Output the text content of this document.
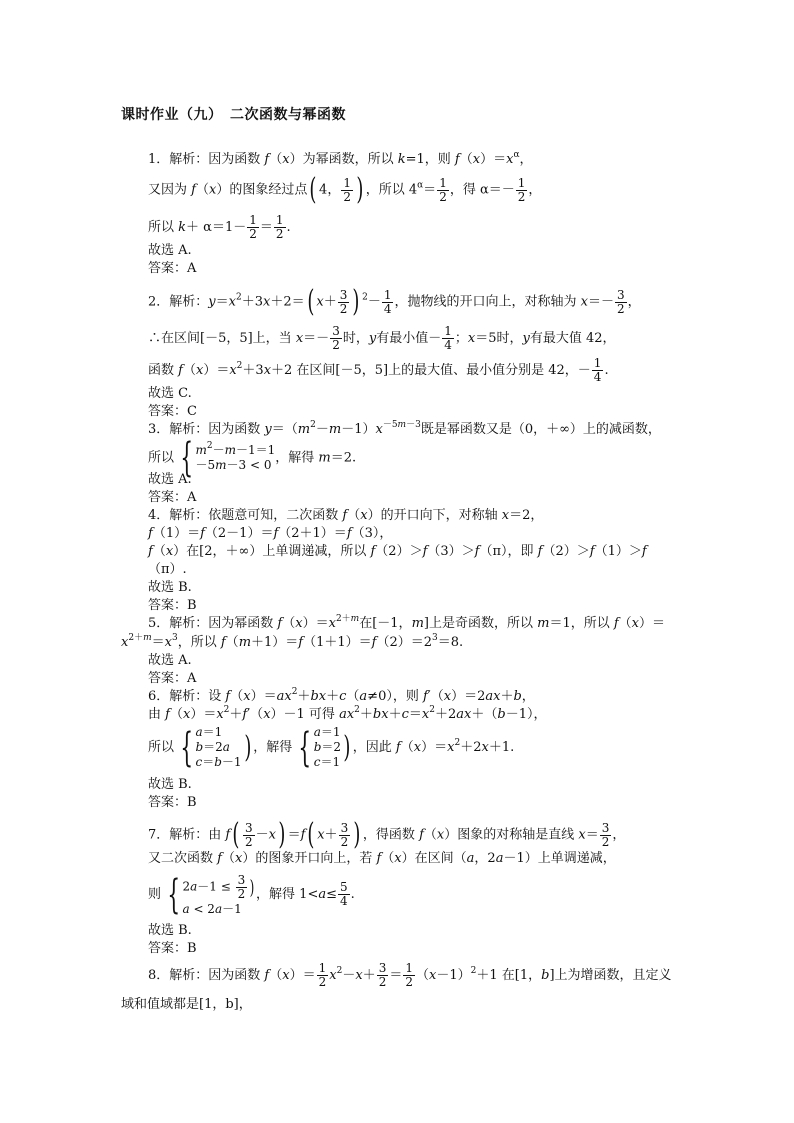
课时作业（九）　二次函数与幂函数
1．解析：因为函数 f（x）为幂函数，所以 k=1，则 $f(x)=x^\alpha$，
又因为 f（x）的图象经过点( 4， $\frac{1}{2}$ ) ，所以 $4^\alpha= \frac{1}{2}$ ，得 $\alpha=- \frac{1}{2}$ ，
所以 $k+ \alpha=1- \frac{1}{2} = \frac{1}{2}$ .
故选 A.
答案：A
2．解析：$y=x^2+3x+2=$( $x+ \frac{3}{2}$ ) $^2- \frac{1}{4}$ ，抛物线的开口向上，对称轴为 $x=- \frac{3}{2}$ ，
∴在区间[－5，5]上，当 $x=- \frac{3}{2}$ 时，y有最小值－ $\frac{1}{4}$ ；x＝5时，y有最大值 42，
函数 $f(x)=x^2+3x+2$ 在区间[－5，5]上的最大值、最小值分别是 42，－ $\frac{1}{4}$ .
故选 C.
答案：C
3．解析：因为函数 $y=(m^2-m-1)x^{-5m-3}$既是幂函数又是（0，＋∞）上的减函数，
所以 { $m^2-m-1=1$
－5m－3 < 0 ，解得 m＝2.
故选 A.
答案：A
4．解析：依题意可知，二次函数 f（x）的开口向下，对称轴 x＝2，
f（1）＝f（2－1）＝f（2＋1）＝f（3），
f（x）在[2，＋∞）上单调递减，所以 f（2）＞f（3）＞f（π），即 f（2）＞f（1）＞f
（π）.
故选 B.
答案：B
5．解析：因为幂函数 $f(x)=x^{2+m}$在[－1，m]上是奇函数，所以 m＝1，所以 f（x）＝
$x^{2+m}=x^3$，所以 $f(m+1)=f(1+1)=f(2)=2^3=8$.
故选 A.
答案：A
6．解析：设 $f(x)=ax^2+bx+c(a\ne 0)$，则 f′（x）＝2ax＋b，
由 $f(x)=x^2+f'(x)-1$ 可得 $ax^2+bx+c=x^2+2ax+(b-1)$，
所以 { a＝1
b＝2a
c＝b－1) ，解得 { a＝1
b＝2
c＝1 ) ，因此 $f(x)=x^2+2x+1$.
故选 B.
答案：B
7．解析：由 $f( \frac{3}{2} -x) =f$( $x+ \frac{3}{2}$ ) ，得函数 f（x）图象的对称轴是直线 $x= \frac{3}{2}$ ，
又二次函数 f（x）的图象开口向上，若 f（x）在区间（a，2a－1）上单调递减，
则 { $2a-1 \le \frac{3}{2}$ )
a < 2a－1，解得 $1<a\le \frac{5}{4}$ .
故选 B.
答案：B
8．解析：因为函数 $f(x)= \frac{1}{2} x^2-x+ \frac{3}{2} = \frac{1}{2} (x-1)^2+1$ 在[1，b]上为增函数，且定义
域和值域都是[1，b]，
